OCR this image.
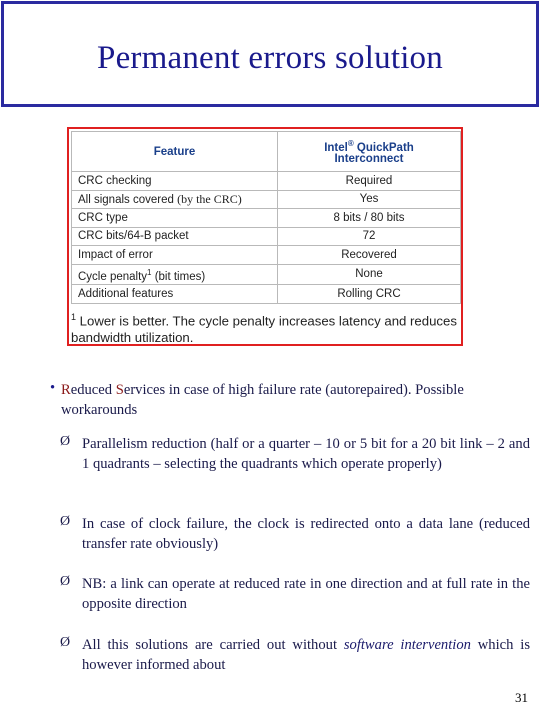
Permanent errors solution
Feature	Intel® QuickPath
Interconnect
CRC checking	Required
All signals covered (by the CRC)	Yes
CRC type	8 bits / 80 bits
CRC bits/64-B packet	72
Impact of error	Recovered
Cycle penalty$^1$ (bit times)	None
Additional features	Rolling CRC
$^1$ Lower is better. The cycle penalty increases latency and reduces bandwidth utilization.
• Reduced Services in case of high failure rate (autorepaired). Possible workarounds
Ø Parallelism reduction (half or a quarter – 10 or 5 bit for a 20 bit link – 2 and 1 quadrants – selecting the quadrants which operate properly)
Ø In case of clock failure, the clock is redirected onto a data lane (reduced transfer rate obviously)
Ø NB: a link can operate at reduced rate in one direction and at full rate in the opposite direction
Ø All this solutions are carried out without software intervention which is however informed about
31
